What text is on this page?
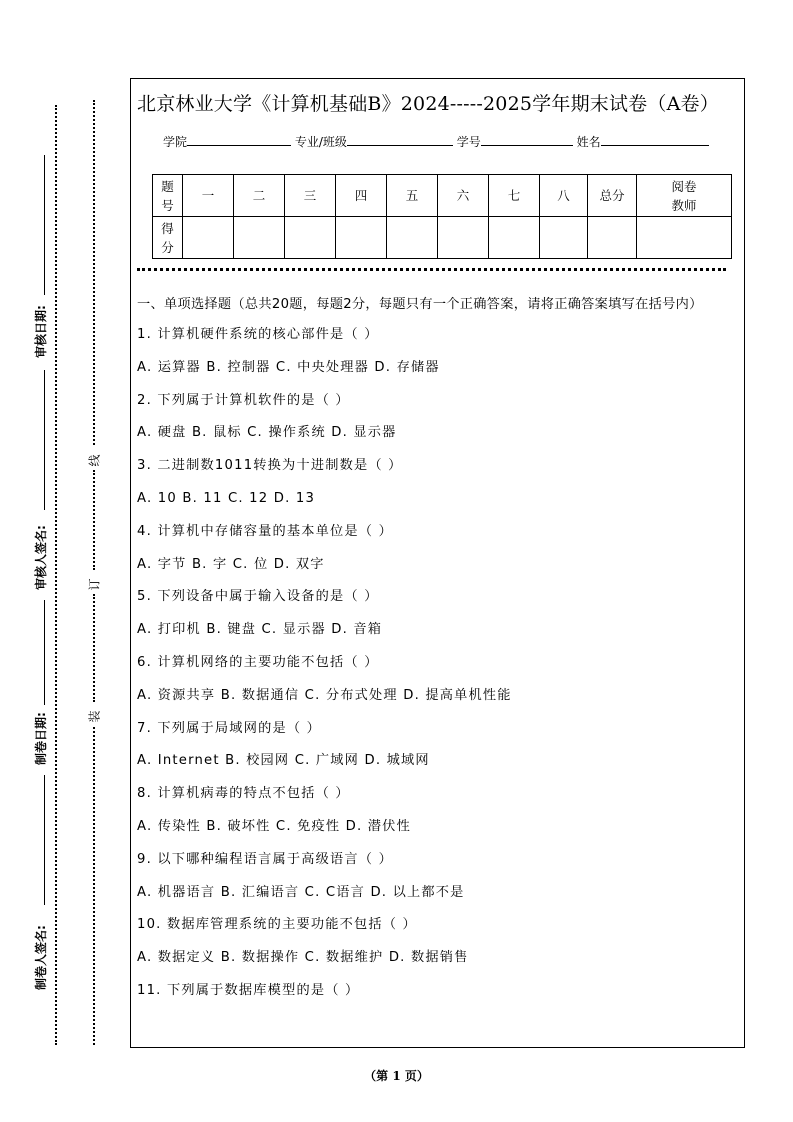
审核日期:
审核人签名:
制卷日期:
制卷人签名:
线
订
装
北京林业大学《计算机基础B》2024-----2025学年期末试卷（A卷）
学院	专业/班级	学号	姓名
题
号	一	二	三	四	五	六	七	八	总分	阅卷
教师
得
分										
一、单项选择题（总共20题，每题2分，每题只有一个正确答案，请将正确答案填写在括号内）
1. 计算机硬件系统的核心部件是（ ）
A. 运算器 B. 控制器 C. 中央处理器 D. 存储器
2. 下列属于计算机软件的是（ ）
A. 硬盘 B. 鼠标 C. 操作系统 D. 显示器
3. 二进制数1011转换为十进制数是（ ）
A. 10 B. 11 C. 12 D. 13
4. 计算机中存储容量的基本单位是（ ）
A. 字节 B. 字 C. 位 D. 双字
5. 下列设备中属于输入设备的是（ ）
A. 打印机 B. 键盘 C. 显示器 D. 音箱
6. 计算机网络的主要功能不包括（ ）
A. 资源共享 B. 数据通信 C. 分布式处理 D. 提高单机性能
7. 下列属于局域网的是（ ）
A. Internet B. 校园网 C. 广域网 D. 城域网
8. 计算机病毒的特点不包括（ ）
A. 传染性 B. 破坏性 C. 免疫性 D. 潜伏性
9. 以下哪种编程语言属于高级语言（ ）
A. 机器语言 B. 汇编语言 C. C语言 D. 以上都不是
10. 数据库管理系统的主要功能不包括（ ）
A. 数据定义 B. 数据操作 C. 数据维护 D. 数据销售
11. 下列属于数据库模型的是（ ）
（第 1 页）
